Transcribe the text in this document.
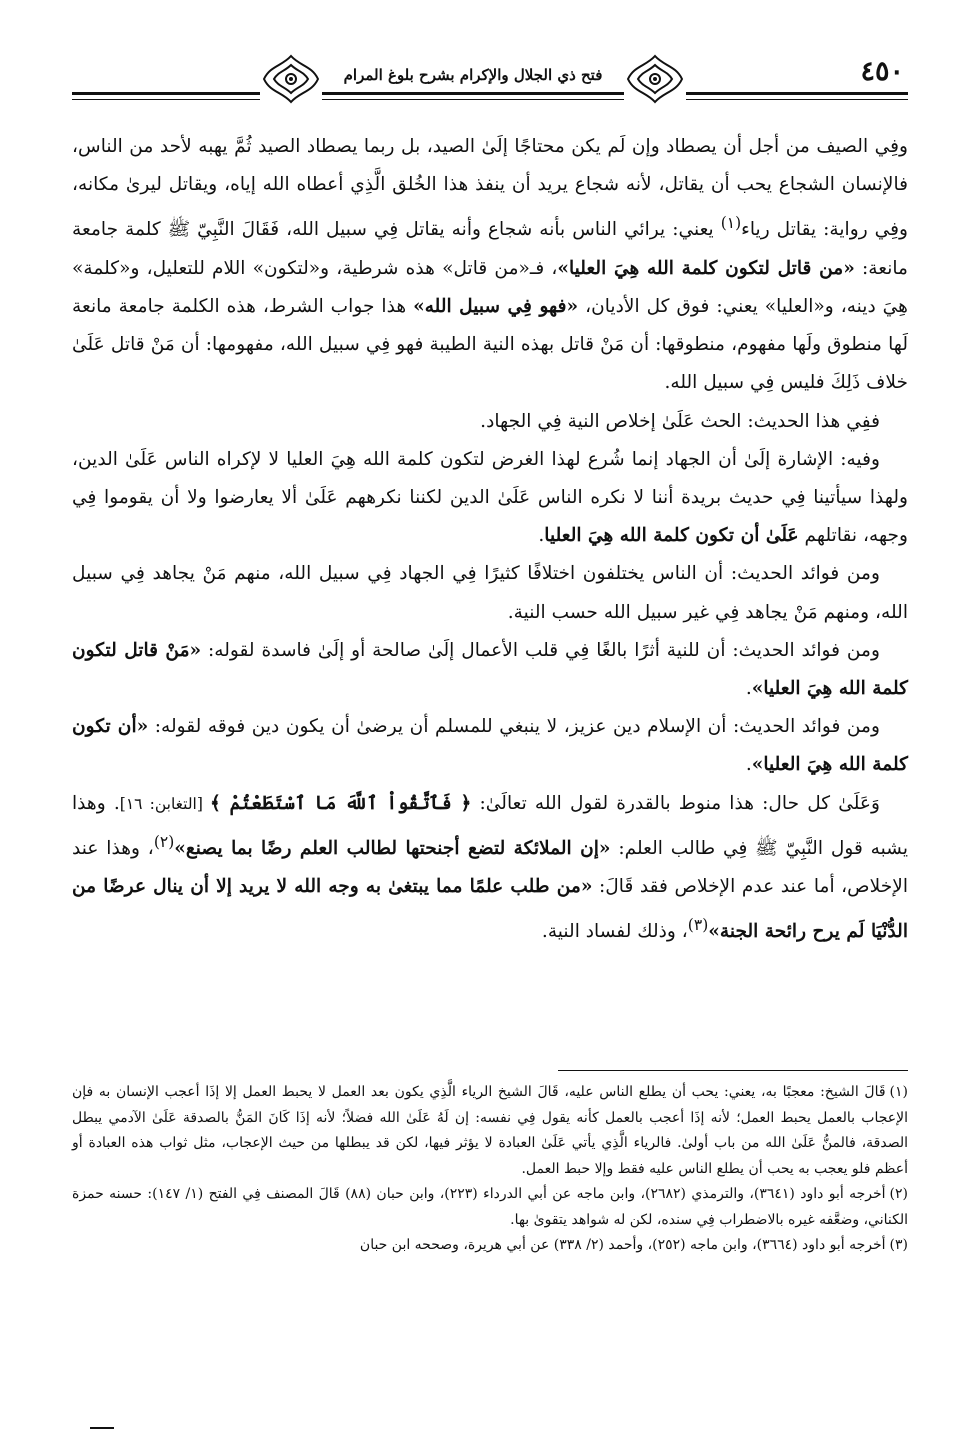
فتح ذي الجلال والإكرام بشرح بلوغ المرام	٤٥٠

وفِي الصيف من أجل أن يصطاد وإن لَم يكن محتاجًا إلَىٰ الصيد، بل ربما يصطاد الصيد ثُمَّ يهبه لأحد من الناس، فالإنسان الشجاع يحب أن يقاتل، لأنه شجاع يريد أن ينفذ هذا الخُلق الَّذِي أعطاه الله إياه، ويقاتل ليرىٰ مكانه، وفِي رواية: يقاتل رياء$^{(١)}$ يعني: يرائي الناس بأنه شجاع وأنه يقاتل فِي سبيل الله، فَقَالَ النَّبِيّ ﷺ كلمة جامعة مانعة: «من قاتل لتكون كلمة الله هِيَ العليا»، فـ«من قاتل» هذه شرطية، و«لتكون» اللام للتعليل، و«كلمة» هِيَ دينه، و«العليا» يعني: فوق كل الأديان، «فهو فِي سبيل الله» هذا جواب الشرط، هذه الكلمة جامعة مانعة لَها منطوق ولَها مفهوم، منطوقها: أن مَنْ قاتل بهذه النية الطيبة فهو فِي سبيل الله، مفهومها: أن مَنْ قاتل عَلَىٰ خلاف ذَلِكَ فليس فِي سبيل الله.

ففِي هذا الحديث: الحث عَلَىٰ إخلاص النية فِي الجهاد.

وفيه: الإشارة إلَىٰ أن الجهاد إنما شُرع لهذا الغرض لتكون كلمة الله هِيَ العليا لا لإكراه الناس عَلَىٰ الدين، ولهذا سيأتينا فِي حديث بريدة أننا لا نكره الناس عَلَىٰ الدين لكننا نكرههم عَلَىٰ ألا يعارضوا ولا أن يقوموا فِي وجهه، نقاتلهم عَلَىٰ أن تكون كلمة الله هِيَ العليا.

ومن فوائد الحديث: أن الناس يختلفون اختلافًا كثيرًا فِي الجهاد فِي سبيل الله، منهم مَنْ يجاهد فِي سبيل الله، ومنهم مَنْ يجاهد فِي غير سبيل الله حسب النية.

ومن فوائد الحديث: أن للنية أثرًا بالغًا فِي قلب الأعمال إلَىٰ صالحة أو إلَىٰ فاسدة لقوله: «مَنْ قاتل لتكون كلمة الله هِيَ العليا».

ومن فوائد الحديث: أن الإسلام دين عزيز، لا ينبغي للمسلم أن يرضىٰ أن يكون دين فوقه لقوله: «أن تكون كلمة الله هِيَ العليا».

وَعَلَىٰ كل حال: هذا منوط بالقدرة لقول الله تعالَىٰ: ﴿ فَٱتَّقُواْ ٱللَّهَ مَا ٱسْتَطَعْتُمْ ﴾ [التغابن: ١٦]. وهذا يشبه قول النَّبِيّ ﷺ فِي طالب العلم: «إن الملائكة لتضع أجنحتها لطالب العلم رضًا بما يصنع»$^{(٢)}$، وهذا عند الإخلاص، أما عند عدم الإخلاص فقد قَالَ: «من طلب علمًا مما يبتغىٰ به وجه الله لا يريد إلا أن ينال عرضًا من الدُّنْيَا لَم يرح رائحة الجنة»$^{(٣)}$، وذلك لفساد النية.

(١)قَالَ الشيخ: معجبًا به، يعني: يحب أن يطلع الناس عليه، قَالَ الشيخ الرياء الَّذِي يكون بعد العمل لا يحبط العمل إلا إذَا أعجب الإنسان به فإن الإعجاب بالعمل يحبط العمل؛ لأنه إذَا أعجب بالعمل كأنه يقول فِي نفسه: إن لَهُ عَلَىٰ الله فضلاً؛ لأنه إذَا كَانَ المَنُّ بالصدقة عَلَىٰ الآدمي يبطل الصدقة، فالمنُّ عَلَىٰ الله من باب أولىٰ. فالرياء الَّذِي يأتي عَلَىٰ العبادة لا يؤثر فيها، لكن قد يبطلها من حيث الإعجاب، مثل ثواب هذه العبادة أو أعظم فلو يعجب به يحب أن يطلع الناس عليه فقط وإلا حبط العمل.

(٢)أخرجه أبو داود (٣٦٤١)، والترمذي (٢٦٨٢)، وابن ماجه عن أبي الدرداء (٢٢٣)، وابن حبان (٨٨) قَالَ المصنف فِي الفتح (١/ ١٤٧): حسنه حمزة الكناني، وضعَّفه غيره بالاضطراب فِي سنده، لكن له شواهد يتقوىٰ بها.

(٣)أخرجه أبو داود (٣٦٦٤)، وابن ماجه (٢٥٢)، وأحمد (٢/ ٣٣٨) عن أبي هريرة، وصححه ابن حبان
